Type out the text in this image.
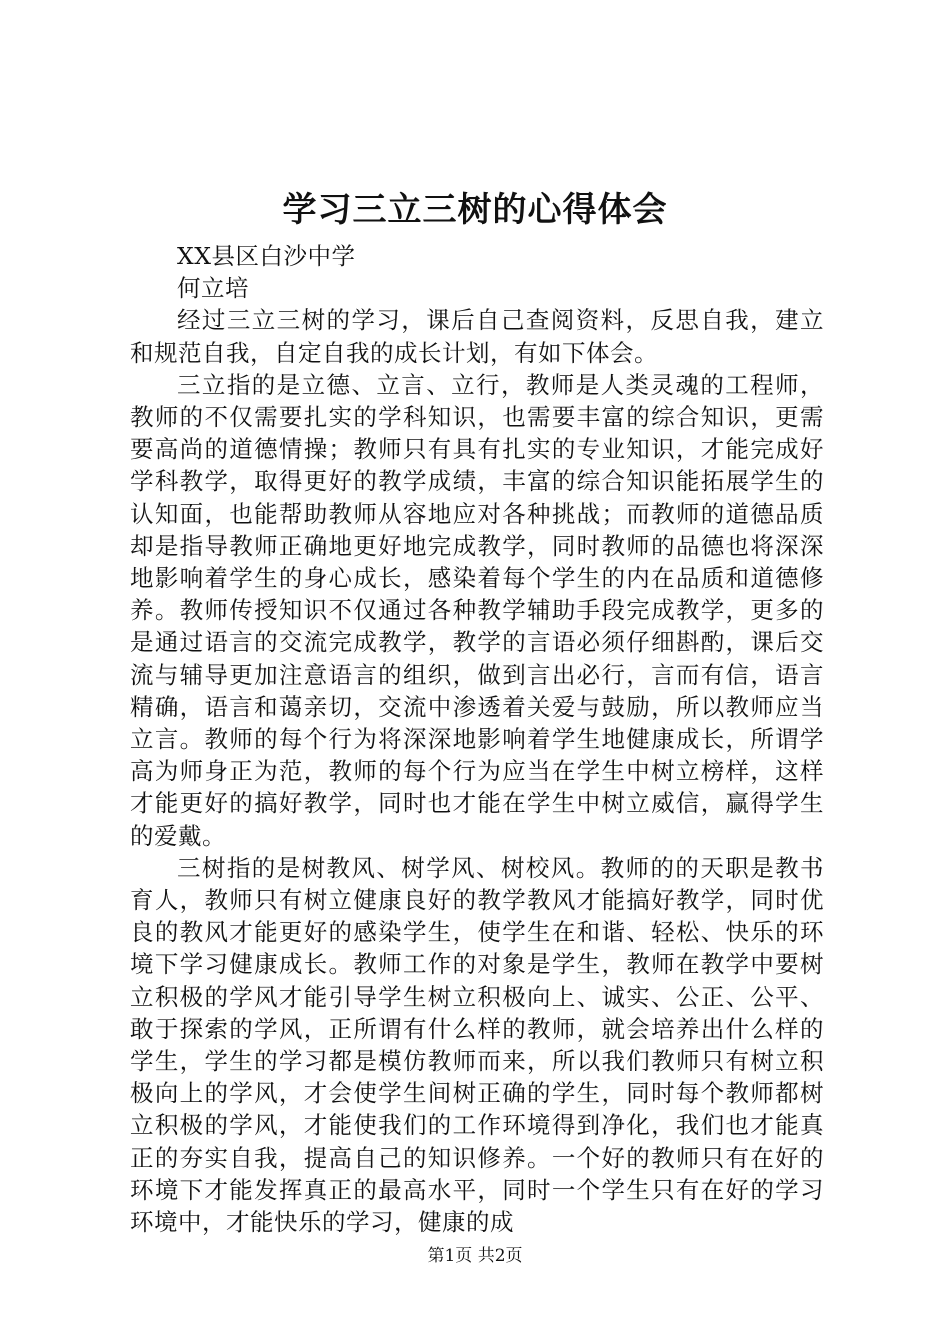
学习三立三树的心得体会

XX县区白沙中学

何立培

经过三立三树的学习，课后自己查阅资料，反思自我，建立和规范自我，自定自我的成长计划，有如下体会。

三立指的是立德、立言、立行，教师是人类灵魂的工程师，教师的不仅需要扎实的学科知识，也需要丰富的综合知识，更需要高尚的道德情操；教师只有具有扎实的专业知识，才能完成好学科教学，取得更好的教学成绩，丰富的综合知识能拓展学生的认知面，也能帮助教师从容地应对各种挑战；而教师的道德品质却是指导教师正确地更好地完成教学，同时教师的品德也将深深地影响着学生的身心成长，感染着每个学生的内在品质和道德修养。教师传授知识不仅通过各种教学辅助手段完成教学，更多的是通过语言的交流完成教学，教学的言语必须仔细斟酌，课后交流与辅导更加注意语言的组织，做到言出必行，言而有信，语言精确，语言和蔼亲切，交流中渗透着关爱与鼓励，所以教师应当立言。教师的每个行为将深深地影响着学生地健康成长，所谓学高为师身正为范，教师的每个行为应当在学生中树立榜样，这样才能更好的搞好教学，同时也才能在学生中树立威信，赢得学生的爱戴。

三树指的是树教风、树学风、树校风。教师的的天职是教书育人，教师只有树立健康良好的教学教风才能搞好教学，同时优良的教风才能更好的感染学生，使学生在和谐、轻松、快乐的环境下学习健康成长。教师工作的对象是学生，教师在教学中要树立积极的学风才能引导学生树立积极向上、诚实、公正、公平、敢于探索的学风，正所谓有什么样的教师，就会培养出什么样的学生，学生的学习都是模仿教师而来，所以我们教师只有树立积极向上的学风，才会使学生间树正确的学生，同时每个教师都树立积极的学风，才能使我们的工作环境得到净化，我们也才能真正的夯实自我，提高自己的知识修养。一个好的教师只有在好的环境下才能发挥真正的最高水平，同时一个学生只有在好的学习环境中，才能快乐的学习，健康的成

第1页 共2页
